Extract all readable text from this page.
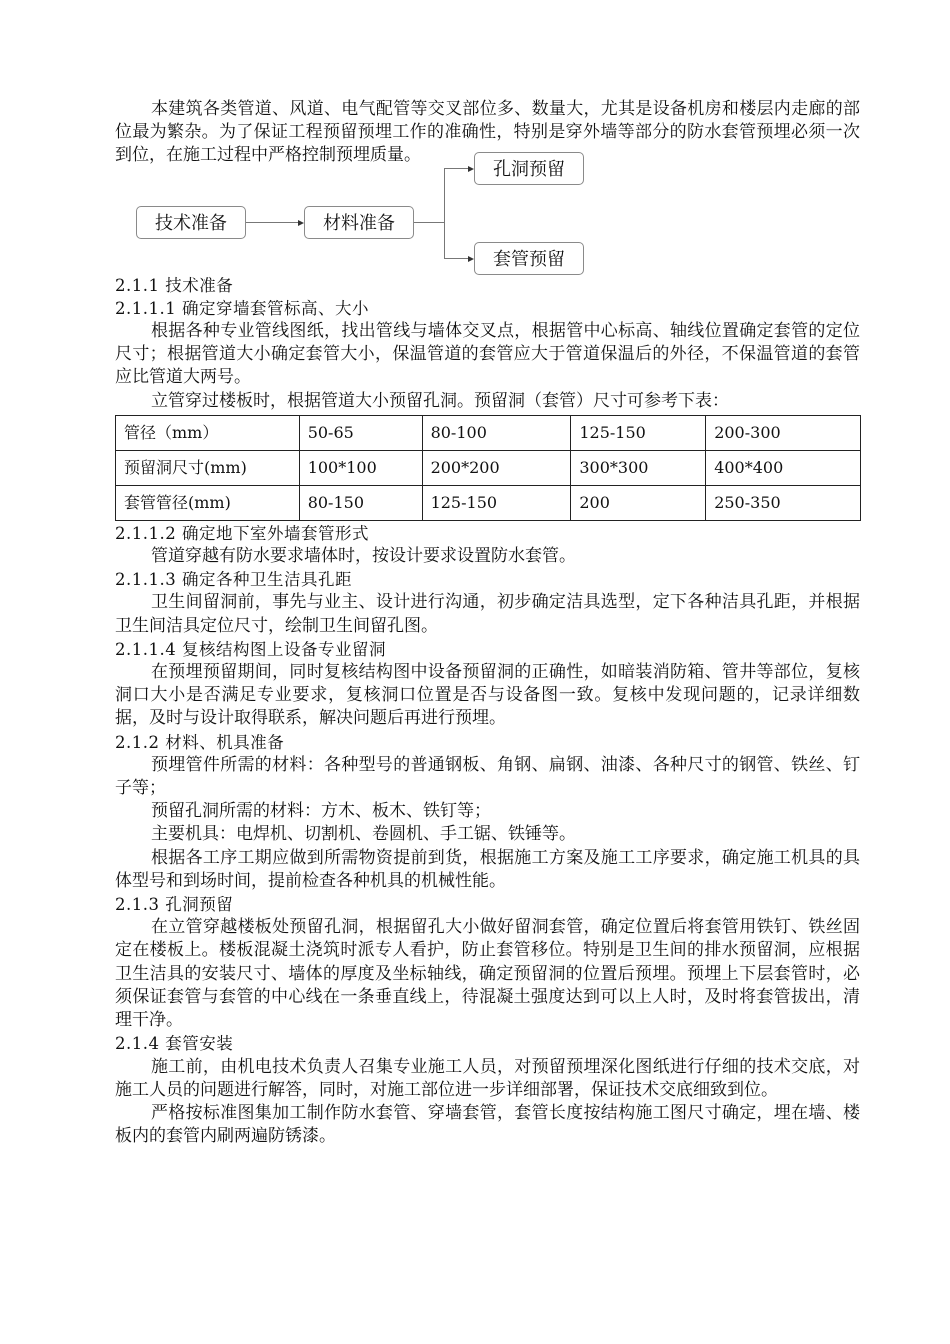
本建筑各类管道、风道、电气配管等交叉部位多、数量大，尤其是设备机房和楼层内走廊的部位最为繁杂。为了保证工程预留预埋工作的准确性，特别是穿外墙等部分的防水套管预埋必须一次到位，在施工过程中严格控制预埋质量。

技术准备	材料准备
孔洞预留
套管预留

2.1.1 技术准备

2.1.1.1 确定穿墙套管标高、大小

根据各种专业管线图纸，找出管线与墙体交叉点，根据管中心标高、轴线位置确定套管的定位尺寸；根据管道大小确定套管大小，保温管道的套管应大于管道保温后的外径，不保温管道的套管应比管道大两号。

立管穿过楼板时，根据管道大小预留孔洞。预留洞（套管）尺寸可参考下表：

管径（mm）	50-65	80-100	125-150	200-300
预留洞尺寸(mm)	100*100	200*200	300*300	400*400
套管管径(mm)	80-150	125-150	200	250-350

2.1.1.2 确定地下室外墙套管形式

管道穿越有防水要求墙体时，按设计要求设置防水套管。

2.1.1.3 确定各种卫生洁具孔距

卫生间留洞前，事先与业主、设计进行沟通，初步确定洁具选型，定下各种洁具孔距，并根据卫生间洁具定位尺寸，绘制卫生间留孔图。

2.1.1.4 复核结构图上设备专业留洞

在预埋预留期间，同时复核结构图中设备预留洞的正确性，如暗装消防箱、管井等部位，复核洞口大小是否满足专业要求，复核洞口位置是否与设备图一致。复核中发现问题的，记录详细数据，及时与设计取得联系，解决问题后再进行预埋。

2.1.2 材料、机具准备

预埋管件所需的材料：各种型号的普通钢板、角钢、扁钢、油漆、各种尺寸的钢管、铁丝、钉子等；

预留孔洞所需的材料：方木、板木、铁钉等；

主要机具：电焊机、切割机、卷圆机、手工锯、铁锤等。

根据各工序工期应做到所需物资提前到货，根据施工方案及施工工序要求，确定施工机具的具体型号和到场时间，提前检查各种机具的机械性能。

2.1.3 孔洞预留

在立管穿越楼板处预留孔洞，根据留孔大小做好留洞套管，确定位置后将套管用铁钉、铁丝固定在楼板上。楼板混凝土浇筑时派专人看护，防止套管移位。特别是卫生间的排水预留洞，应根据卫生洁具的安装尺寸、墙体的厚度及坐标轴线，确定预留洞的位置后预埋。预埋上下层套管时，必须保证套管与套管的中心线在一条垂直线上，待混凝土强度达到可以上人时，及时将套管拔出，清理干净。

2.1.4 套管安装

施工前，由机电技术负责人召集专业施工人员，对预留预埋深化图纸进行仔细的技术交底，对施工人员的问题进行解答，同时，对施工部位进一步详细部署，保证技术交底细致到位。

严格按标准图集加工制作防水套管、穿墙套管，套管长度按结构施工图尺寸确定，埋在墙、楼板内的套管内刷两遍防锈漆。
